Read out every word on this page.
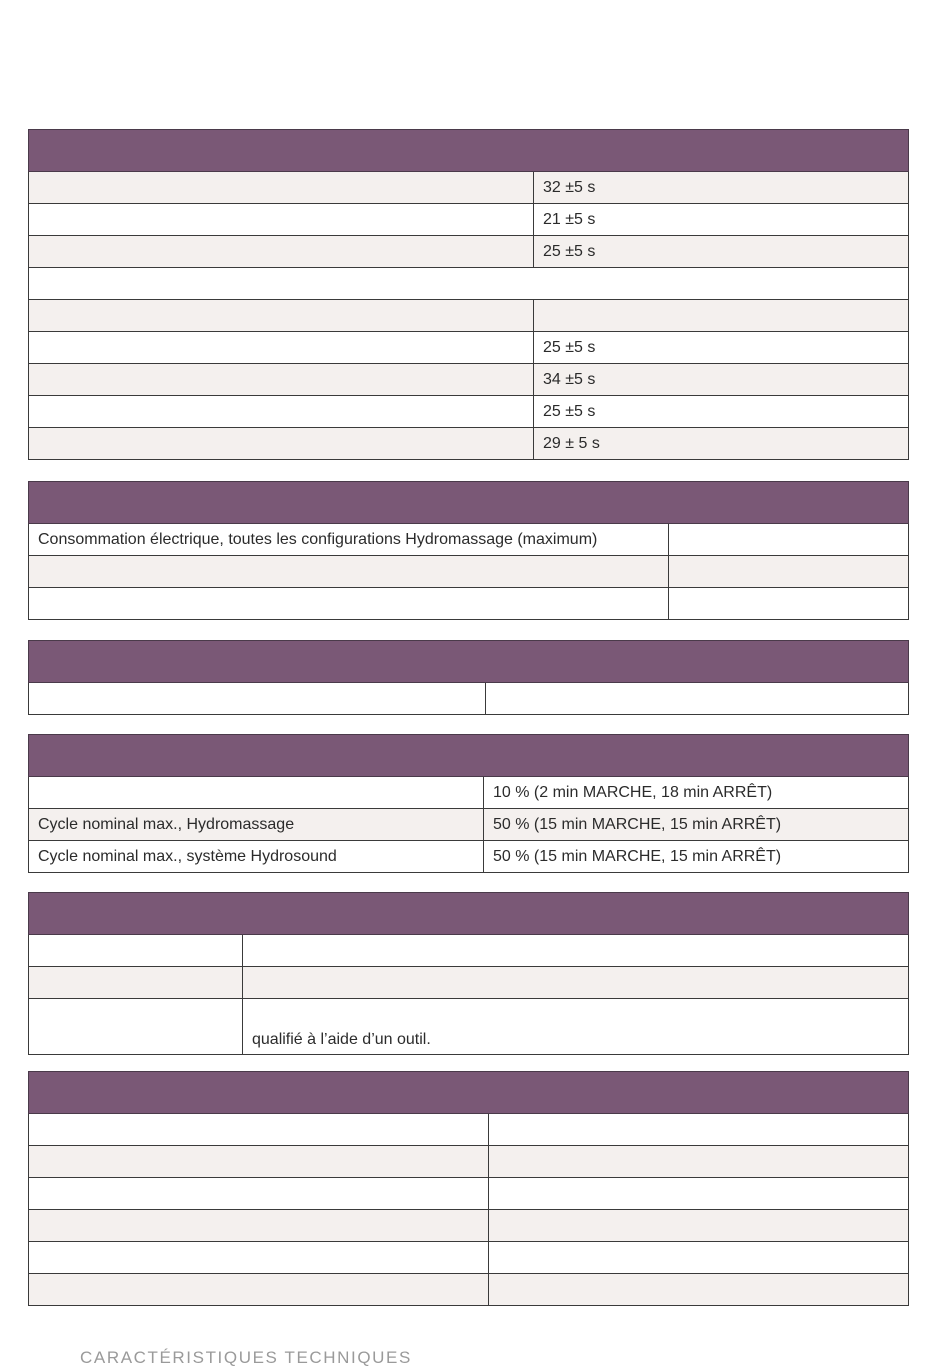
	32 ±5 s
	21 ±5 s
	25 ±5 s

	25 ±5 s
	34 ±5 s
	25 ±5 s
	29 ± 5 s

Consommation électrique, toutes les configurations Hydromassage (maximum)	

	10 % (2 min MARCHE, 18 min ARRÊT)
Cycle nominal max., Hydromassage	50 % (15 min MARCHE, 15 min ARRÊT)
Cycle nominal max., système Hydrosound	50 % (15 min MARCHE, 15 min ARRÊT)

	qualifié à l’aide d’un outil.

CARACTÉRISTIQUES TECHNIQUES
